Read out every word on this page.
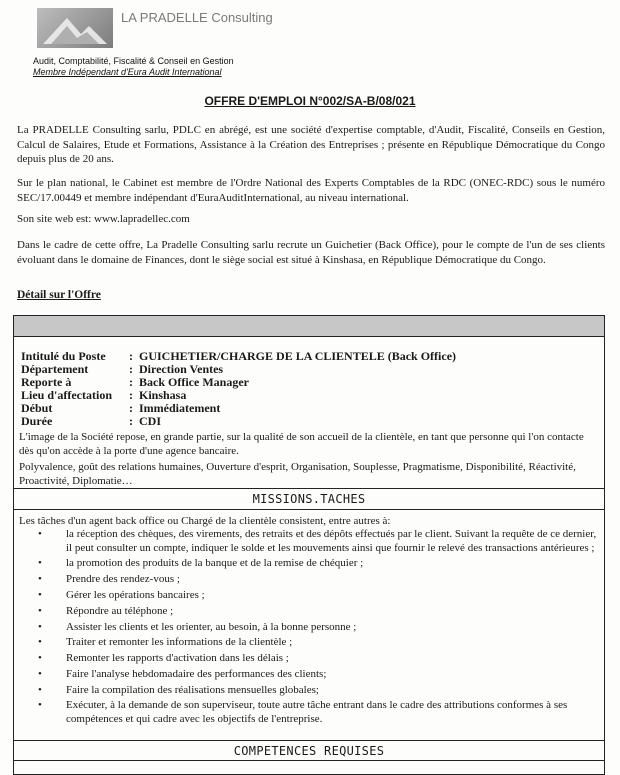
LA PRADELLE Consulting
Audit, Comptabilité, Fiscalité & Conseil en Gestion
Membre Indépendant d'Eura Audit International
OFFRE D'EMPLOI N°002/SA-B/08/021
La PRADELLE Consulting sarlu, PDLC en abrégé, est une société d'expertise comptable, d'Audit, Fiscalité, Conseils en Gestion, Calcul de Salaires, Etude et Formations, Assistance à la Création des Entreprises ; présente en République Démocratique du Congo depuis plus de 20 ans.
Sur le plan national, le Cabinet est membre de l'Ordre National des Experts Comptables de la RDC (ONEC-RDC) sous le numéro SEC/17.00449 et membre indépendant d'EuraAuditInternational, au niveau international.
Son site web est: www.lapradellec.com
Dans le cadre de cette offre, La Pradelle Consulting sarlu recrute un Guichetier (Back Office), pour le compte de l'un de ses clients évoluant dans le domaine de Finances, dont le siège social est situé à Kinshasa, en République Démocratique du Congo.
Détail sur l'Offre
Intitulé du Poste	: GUICHETIER/CHARGE DE LA CLIENTELE (Back Office)
Département	: Direction Ventes
Reporte à	: Back Office Manager
Lieu d'affectation	: Kinshasa
Début	: Immédiatement
Durée	: CDI
L'image de la Société repose, en grande partie, sur la qualité de son accueil de la clientèle, en tant que personne qui l'on contacte dès qu'on accède à la porte d'une agence bancaire.
Polyvalence, goût des relations humaines, Ouverture d'esprit, Organisation, Souplesse, Pragmatisme, Disponibilité, Réactivité, Proactivité, Diplomatie…
MISSIONS.TACHES
Les tâches d'un agent back office ou Chargé de la clientèle consistent, entre autres à:
• la réception des chèques, des virements, des retraits et des dépôts effectués par le client. Suivant la requête de ce dernier, il peut consulter un compte, indiquer le solde et les mouvements ainsi que fournir le relevé des transactions antérieures ;
• la promotion des produits de la banque et de la remise de chéquier ;
• Prendre des rendez-vous ;
• Gérer les opérations bancaires ;
• Répondre au téléphone ;
• Assister les clients et les orienter, au besoin, à la bonne personne ;
• Traiter et remonter les informations de la clientèle ;
• Remonter les rapports d'activation dans les délais ;
• Faire l'analyse hebdomadaire des performances des clients;
• Faire la compilation des réalisations mensuelles globales;
• Exécuter, à la demande de son superviseur, toute autre tâche entrant dans le cadre des attributions conformes à ses compétences et qui cadre avec les objectifs de l'entreprise.
COMPETENCES REQUISES
